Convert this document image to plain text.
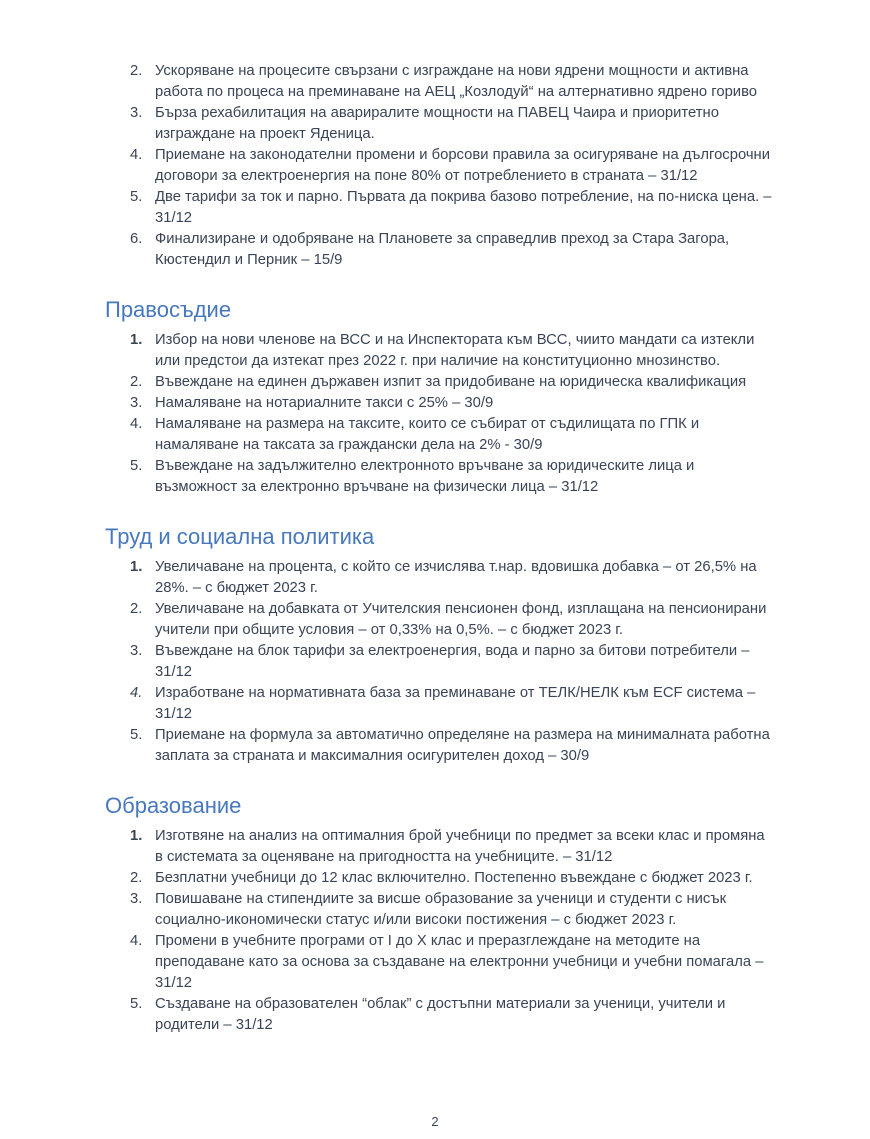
2. Ускоряване на процесите свързани с изграждане на нови ядрени мощности и активна работа по процеса на преминаване на АЕЦ „Козлодуй“ на алтернативно ядрено гориво
3. Бърза рехабилитация на авариралите мощности на ПАВЕЦ Чаира и приоритетно изграждане на проект Яденица.
4. Приемане на законодателни промени и борсови правила за осигуряване на дългосрочни договори за електроенергия на поне 80% от потреблението в страната – 31/12
5. Две тарифи за ток и парно. Първата да покрива базово потребление, на по-ниска цена. – 31/12
6. Финализиране и одобряване на Плановете за справедлив преход за Стара Загора, Кюстендил и Перник – 15/9
Правосъдие
1. Избор на нови членове на ВСС и на Инспектората към ВСС, чиито мандати са изтекли или предстои да изтекат през 2022 г. при наличие на конституционно мнозинство.
2. Въвеждане на единен държавен изпит за придобиване на юридическа квалификация
3. Намаляване на нотариалните такси с 25% – 30/9
4. Намаляване на размера на таксите, които се събират от съдилищата по ГПК и намаляване на таксата за граждански дела на 2% - 30/9
5. Въвеждане на задължително електронното връчване за юридическите лица и възможност за електронно връчване на физически лица – 31/12
Труд и социална политика
1. Увеличаване на процента, с който се изчислява т.нар. вдовишка добавка – от 26,5% на 28%. – с бюджет 2023 г.
2. Увеличаване на добавката от Учителския пенсионен фонд, изплащана на пенсионирани учители при общите условия – от 0,33% на 0,5%. – с бюджет 2023 г.
3. Въвеждане на блок тарифи за електроенергия, вода и парно за битови потребители – 31/12
4. Изработване на нормативната база за преминаване от ТЕЛК/НЕЛК към ECF система – 31/12
5. Приемане на формула за автоматично определяне на размера на минималната работна заплата за страната и максималния осигурителен доход – 30/9
Образование
1. Изготвяне на анализ на оптималния брой учебници по предмет за всеки клас и промяна в системата за оценяване на пригодността на учебниците. – 31/12
2. Безплатни учебници до 12 клас включително. Постепенно въвеждане с бюджет 2023 г.
3. Повишаване на стипендиите за висше образование за ученици и студенти с нисък социално-икономически статус и/или високи постижения – с бюджет 2023 г.
4. Промени в учебните програми от I до X клас и преразглеждане на методите на преподаване като за основа за създаване на електронни учебници и учебни помагала – 31/12
5. Създаване на образователен “облак” с достъпни материали за ученици, учители и родители – 31/12
2
